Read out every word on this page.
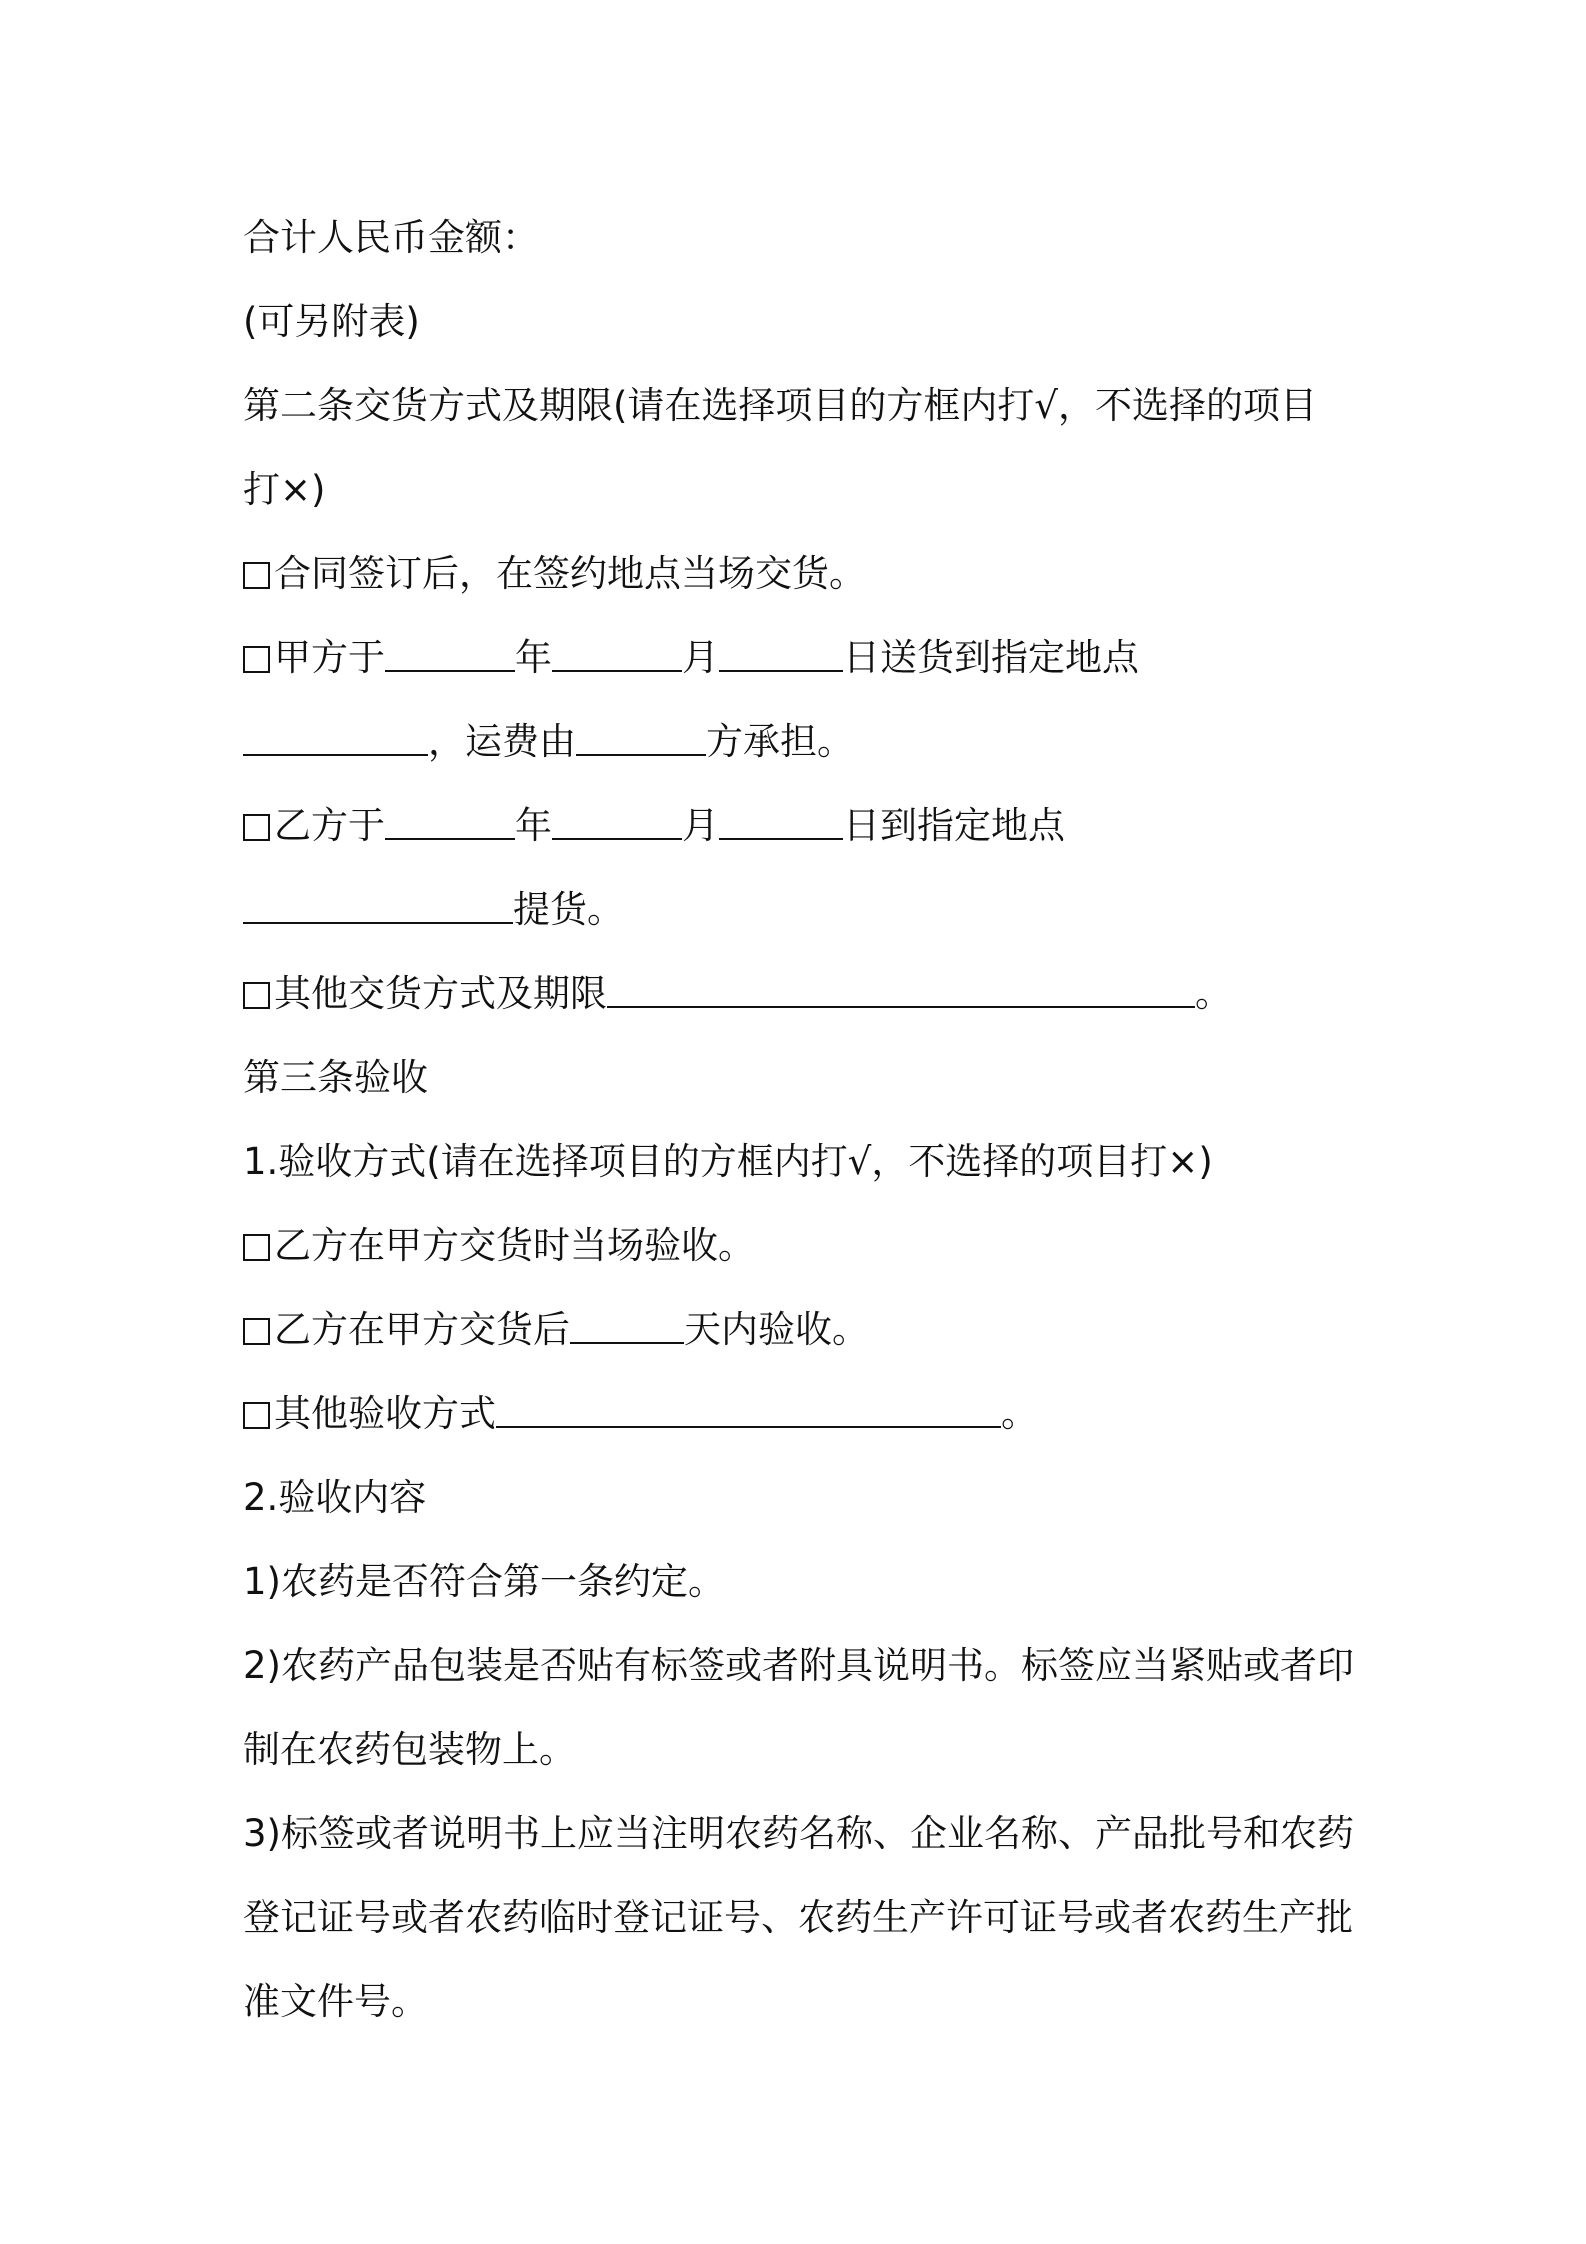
合计人民币金额：
(可另附表)
第二条交货方式及期限(请在选择项目的方框内打√，不选择的项目
打×)
合同签订后，在签约地点当场交货。
甲方于	年	月	日送货到指定地点
，运费由	方承担。
乙方于	年	月	日到指定地点
提货。
其他交货方式及期限	。
第三条验收
1.验收方式(请在选择项目的方框内打√，不选择的项目打×)
乙方在甲方交货时当场验收。
乙方在甲方交货后	天内验收。
其他验收方式	。
2.验收内容
1)农药是否符合第一条约定。
2)农药产品包装是否贴有标签或者附具说明书。标签应当紧贴或者印
制在农药包装物上。
3)标签或者说明书上应当注明农药名称、企业名称、产品批号和农药
登记证号或者农药临时登记证号、农药生产许可证号或者农药生产批
准文件号。
